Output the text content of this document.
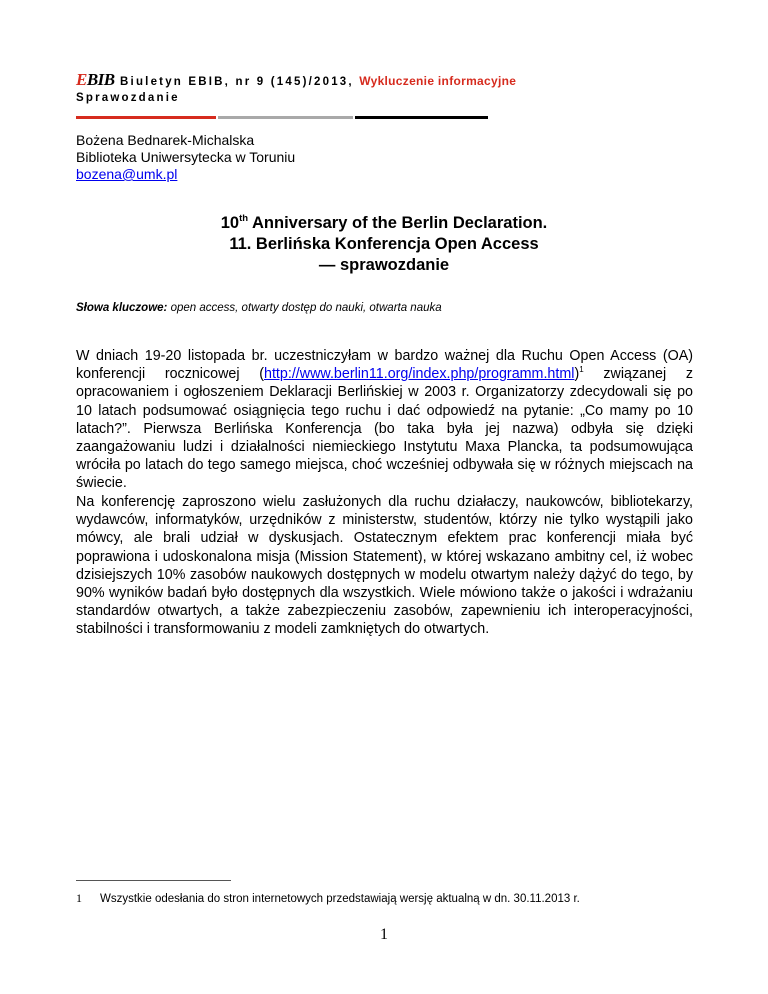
EBIB Biuletyn EBIB, nr 9 (145)/2013, Wykluczenie informacyjne
Sprawozdanie
Bożena Bednarek-Michalska
Biblioteka Uniwersytecka w Toruniu
bozena@umk.pl
10th Anniversary of the Berlin Declaration.
11. Berlińska Konferencja Open Access
— sprawozdanie
Słowa kluczowe: open access, otwarty dostęp do nauki, otwarta nauka
W dniach 19-20 listopada br. uczestniczyłam w bardzo ważnej dla Ruchu Open Access (OA) konferencji rocznicowej (http://www.berlin11.org/index.php/programm.html)$^1$ związanej z opracowaniem i ogłoszeniem Deklaracji Berlińskiej w 2003 r. Organizatorzy zdecydowali się po 10 latach podsumować osiągnięcia tego ruchu i dać odpowiedź na pytanie: „Co mamy po 10 latach?”. Pierwsza Berlińska Konferencja (bo taka była jej nazwa) odbyła się dzięki zaangażowaniu ludzi i działalności niemieckiego Instytutu Maxa Plancka, ta podsumowująca wróciła po latach do tego samego miejsca, choć wcześniej odbywała się w różnych miejscach na świecie.
Na konferencję zaproszono wielu zasłużonych dla ruchu działaczy, naukowców, bibliotekarzy, wydawców, informatyków, urzędników z ministerstw, studentów, którzy nie tylko wystąpili jako mówcy, ale brali udział w dyskusjach. Ostatecznym efektem prac konferencji miała być poprawiona i udoskonalona misja (Mission Statement), w której wskazano ambitny cel, iż wobec dzisiejszych 10% zasobów naukowych dostępnych w modelu otwartym należy dążyć do tego, by 90% wyników badań było dostępnych dla wszystkich. Wiele mówiono także o jakości i wdrażaniu standardów otwartych, a także zabezpieczeniu zasobów, zapewnieniu ich interoperacyjności, stabilności i transformowaniu z modeli zamkniętych do otwartych.
1 Wszystkie odesłania do stron internetowych przedstawiają wersję aktualną w dn. 30.11.2013 r.
1
